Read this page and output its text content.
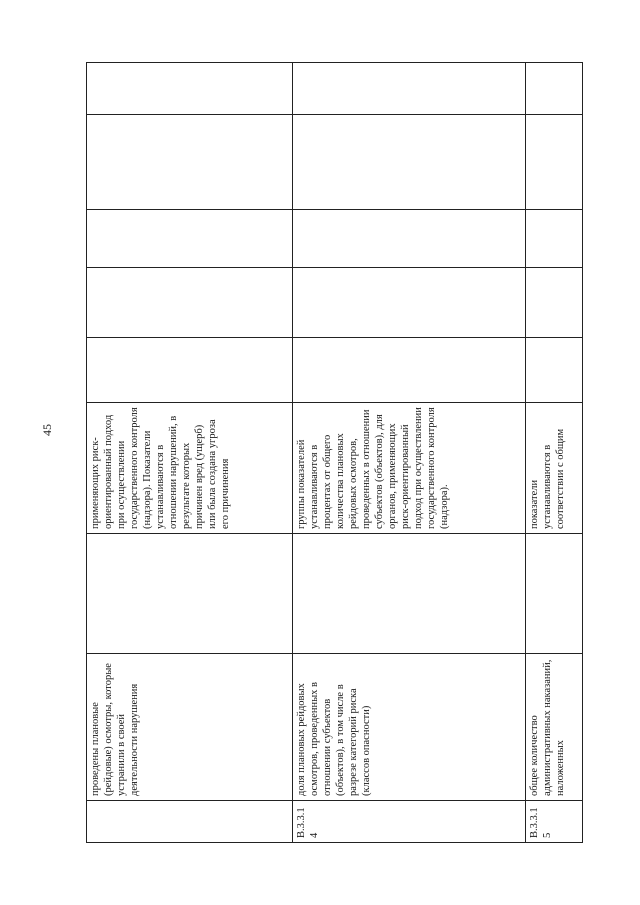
45
	проведены плановые (рейдовые) осмотры, которые устранили в своей деятельности нарушения		применяющих риск-ориентированный подход при осуществлении государственного контроля (надзора). Показатели устанавливаются в отношении нарушений, в результате которых причинен вред (ущерб) или была создана угроза его причинения					
В.3.3.14	доля плановых рейдовых осмотров, проведенных в отношении субъектов (объектов), в том числе в разрезе категорий риска (классов опасности)		группы показателей устанавливаются в процентах от общего количества плановых рейдовых осмотров, проведенных в отношении субъектов (объектов), для органов, применяющих риск-ориентированный подход при осуществлении государственного контроля (надзора).					
В.3.3.15	общее количество административных наказаний, наложенных		показатели устанавливаются в соответствии с общим					
